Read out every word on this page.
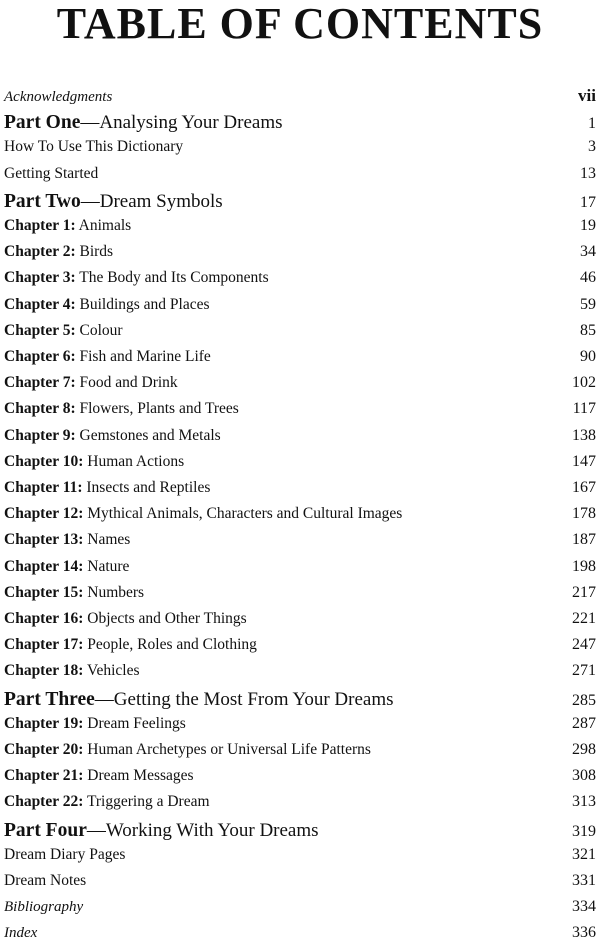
TABLE OF CONTENTS
Acknowledgments	vii
Part One—Analysing Your Dreams	1
How To Use This Dictionary	3
Getting Started	13
Part Two—Dream Symbols	17
Chapter 1: Animals	19
Chapter 2: Birds	34
Chapter 3: The Body and Its Components	46
Chapter 4: Buildings and Places	59
Chapter 5: Colour	85
Chapter 6: Fish and Marine Life	90
Chapter 7: Food and Drink	102
Chapter 8: Flowers, Plants and Trees	117
Chapter 9: Gemstones and Metals	138
Chapter 10: Human Actions	147
Chapter 11: Insects and Reptiles	167
Chapter 12: Mythical Animals, Characters and Cultural Images	178
Chapter 13: Names	187
Chapter 14: Nature	198
Chapter 15: Numbers	217
Chapter 16: Objects and Other Things	221
Chapter 17: People, Roles and Clothing	247
Chapter 18: Vehicles	271
Part Three—Getting the Most From Your Dreams	285
Chapter 19: Dream Feelings	287
Chapter 20: Human Archetypes or Universal Life Patterns	298
Chapter 21: Dream Messages	308
Chapter 22: Triggering a Dream	313
Part Four—Working With Your Dreams	319
Dream Diary Pages	321
Dream Notes	331
Bibliography	334
Index	336
